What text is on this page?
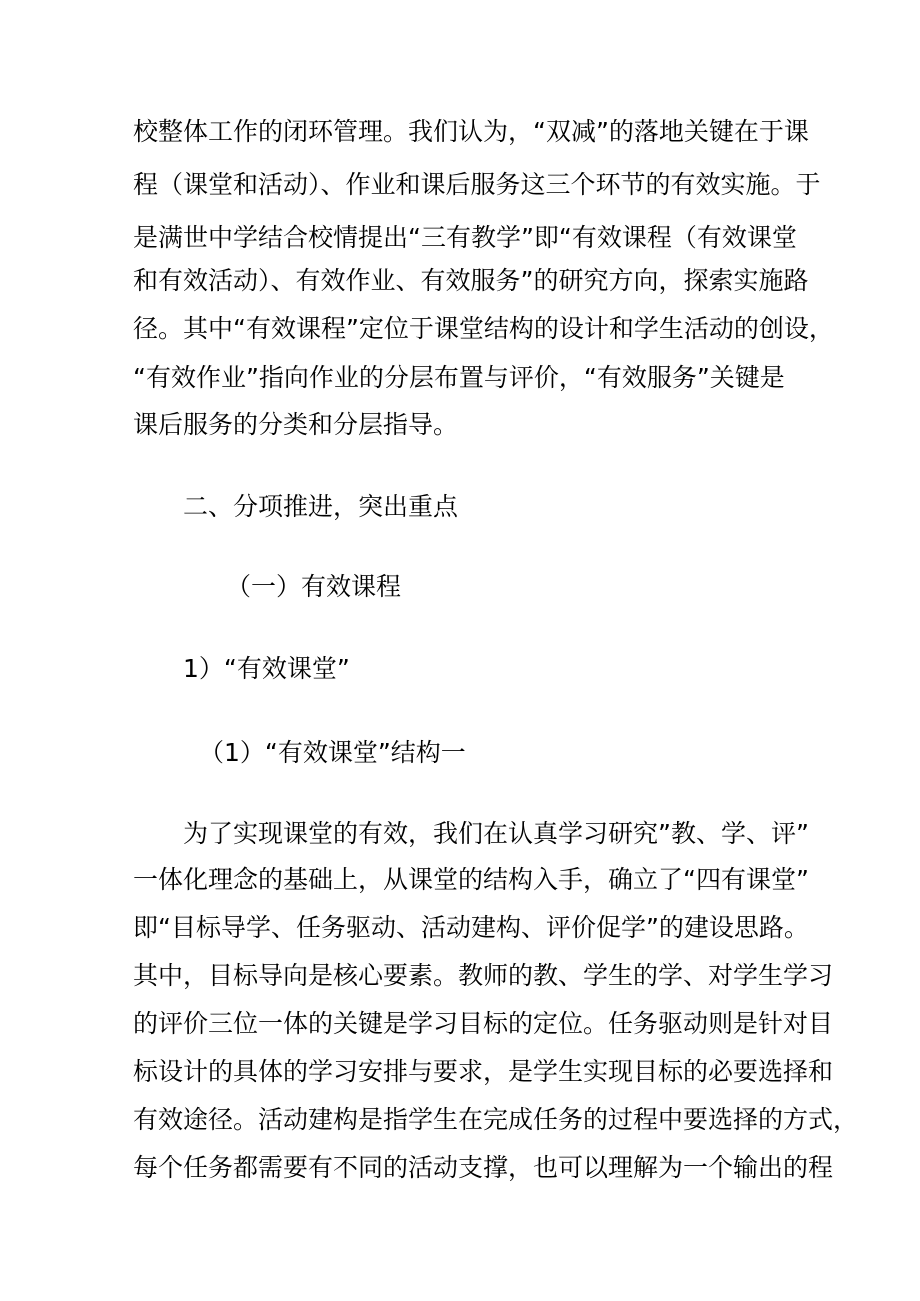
校整体工作的闭环管理。我们认为，“双减”的落地关键在于课
程（课堂和活动）、作业和课后服务这三个环节的有效实施。于
是满世中学结合校情提出“三有教学”即“有效课程（有效课堂
和有效活动）、有效作业、有效服务”的研究方向，探索实施路
径。其中“有效课程”定位于课堂结构的设计和学生活动的创设，
“有效作业”指向作业的分层布置与评价，“有效服务”关键是
课后服务的分类和分层指导。
二、分项推进，突出重点
（一）有效课程
1）“有效课堂”
（1）“有效课堂”结构一
为了实现课堂的有效，我们在认真学习研究”教、学、评”
一体化理念的基础上，从课堂的结构入手，确立了“四有课堂”
即“目标导学、任务驱动、活动建构、评价促学”的建设思路。
其中，目标导向是核心要素。教师的教、学生的学、对学生学习
的评价三位一体的关键是学习目标的定位。任务驱动则是针对目
标设计的具体的学习安排与要求，是学生实现目标的必要选择和
有效途径。活动建构是指学生在完成任务的过程中要选择的方式，
每个任务都需要有不同的活动支撑，也可以理解为一个输出的程
